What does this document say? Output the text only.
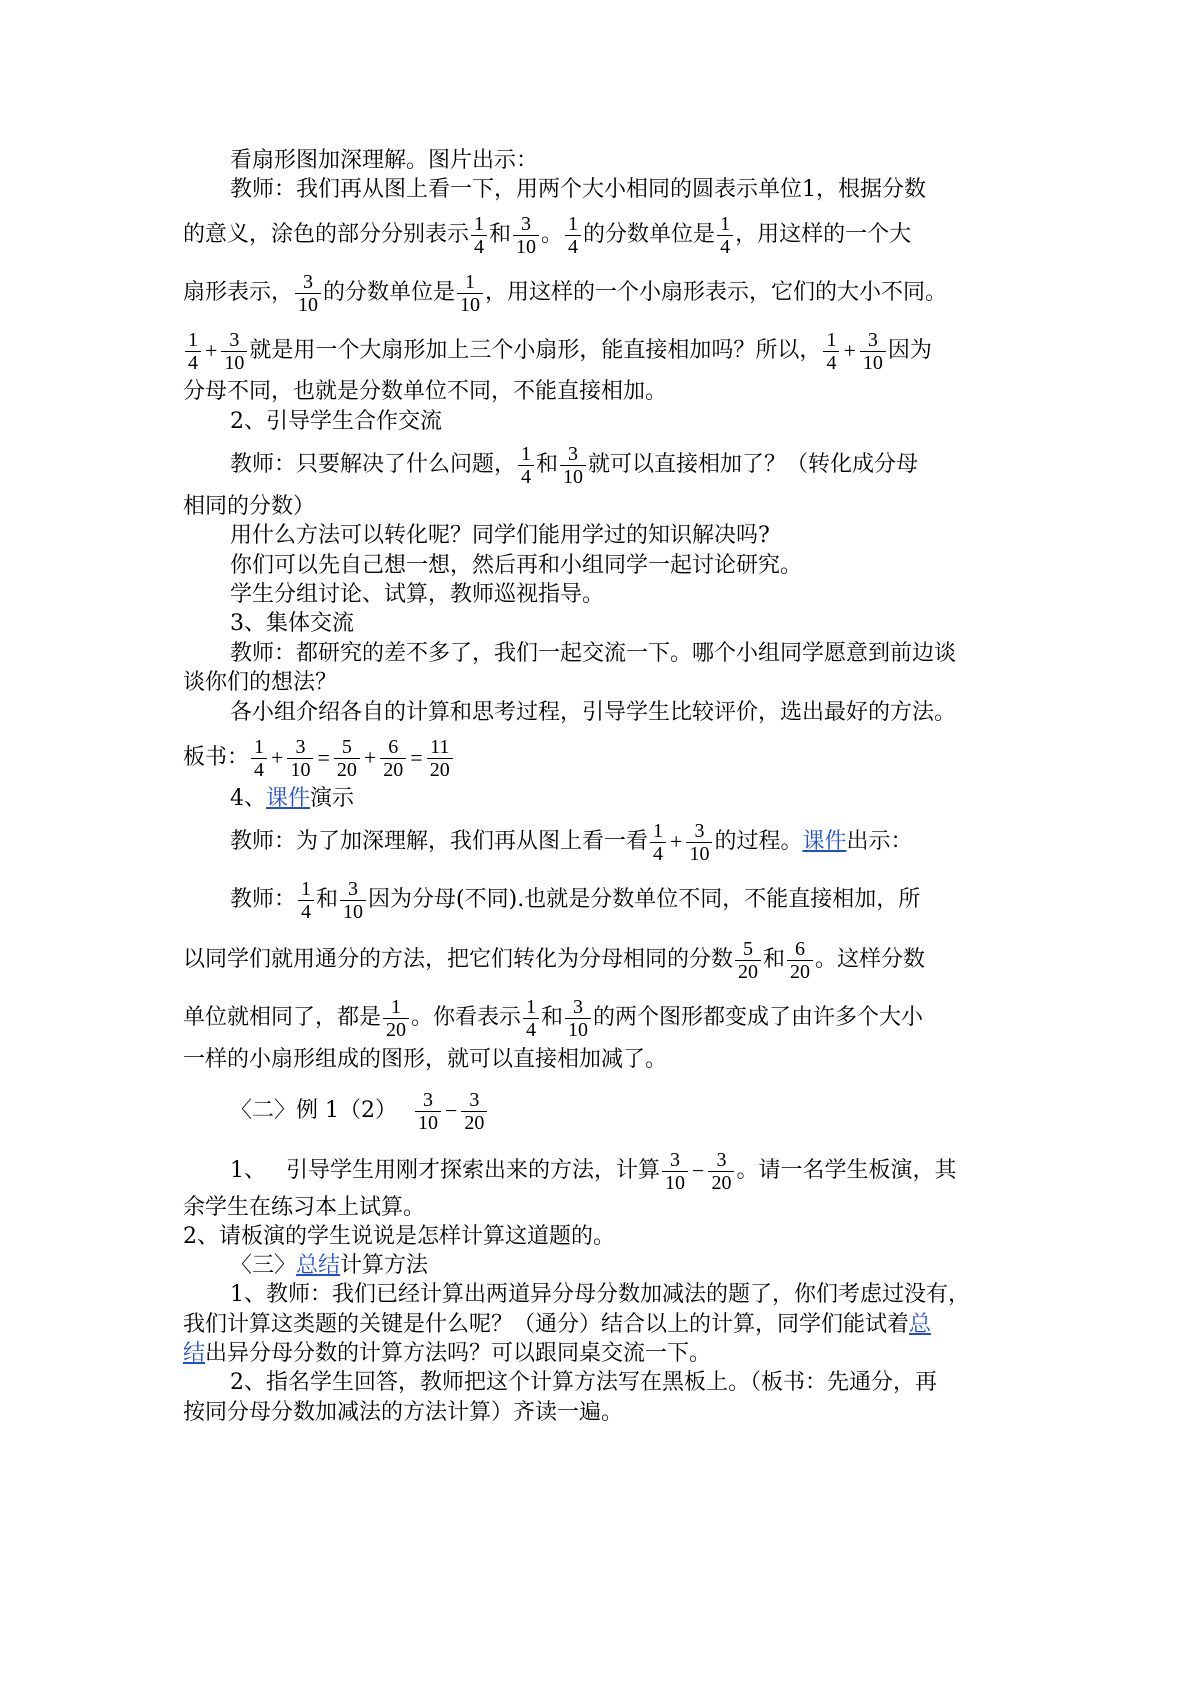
看扇形图加深理解。图片出示：
教师：我们再从图上看一下，用两个大小相同的圆表示单位1，根据分数
的意义，涂色的部分分别表示 $\frac{1}{4}$ 和 $\frac{3}{10}$ 。 $\frac{1}{4}$ 的分数单位是 $\frac{1}{4}$ ，用这样的一个大
扇形表示， $\frac{3}{10}$ 的分数单位是 $\frac{1}{10}$ ，用这样的一个小扇形表示，它们的大小不同。
$\frac{1}{4} + \frac{3}{10}$ 就是用一个大扇形加上三个小扇形，能直接相加吗？所以， $\frac{1}{4} + \frac{3}{10}$ 因为
分母不同，也就是分数单位不同，不能直接相加。
2、引导学生合作交流
教师：只要解决了什么问题， $\frac{1}{4}$ 和 $\frac{3}{10}$ 就可以直接相加了？（转化成分母
相同的分数）
用什么方法可以转化呢？同学们能用学过的知识解决吗?
你们可以先自己想一想，然后再和小组同学一起讨论研究。
学生分组讨论、试算，教师巡视指导。
3、集体交流
教师：都研究的差不多了，我们一起交流一下。哪个小组同学愿意到前边谈
谈你们的想法？
各小组介绍各自的计算和思考过程，引导学生比较评价，选出最好的方法。
板书： $\frac{1}{4} + \frac{3}{10} = \frac{5}{20} + \frac{6}{20} = \frac{11}{20}$
4、 课件 演示
教师：为了加深理解，我们再从图上看一看 $\frac{1}{4} + \frac{3}{10}$ 的过程。 课件 出示：
教师： $\frac{1}{4}$ 和 $\frac{3}{10}$ 因为分母(不同).也就是分数单位不同，不能直接相加，所
以同学们就用通分的方法，把它们转化为分母相同的分数 $\frac{5}{20}$ 和 $\frac{6}{20}$ 。这样分数
单位就相同了，都是 $\frac{1}{20}$ 。你看表示 $\frac{1}{4}$ 和 $\frac{3}{10}$ 的两个图形都变成了由许多个大小
一样的小扇形组成的图形，就可以直接相加减了。
〈二〉例 $1(2) \frac{3}{10} - \frac{3}{20}$
1、 引导学生用刚才探索出来的方法，计算 $\frac{3}{10} - \frac{3}{20}$ 。请一名学生板演，其
余学生在练习本上试算。
2、请板演的学生说说是怎样计算这道题的。
〈三〉 总结 计算方法
1、教师：我们已经计算出两道异分母分数加减法的题了，你们考虑过没有，
我们计算这类题的关键是什么呢？（通分）结合以上的计算，同学们能试着 总
结 出异分母分数的计算方法吗？可以跟同桌交流一下。
2、指名学生回答，教师把这个计算方法写在黑板上。（板书：先通分，再
按同分母分数加减法的方法计算）齐读一遍。
